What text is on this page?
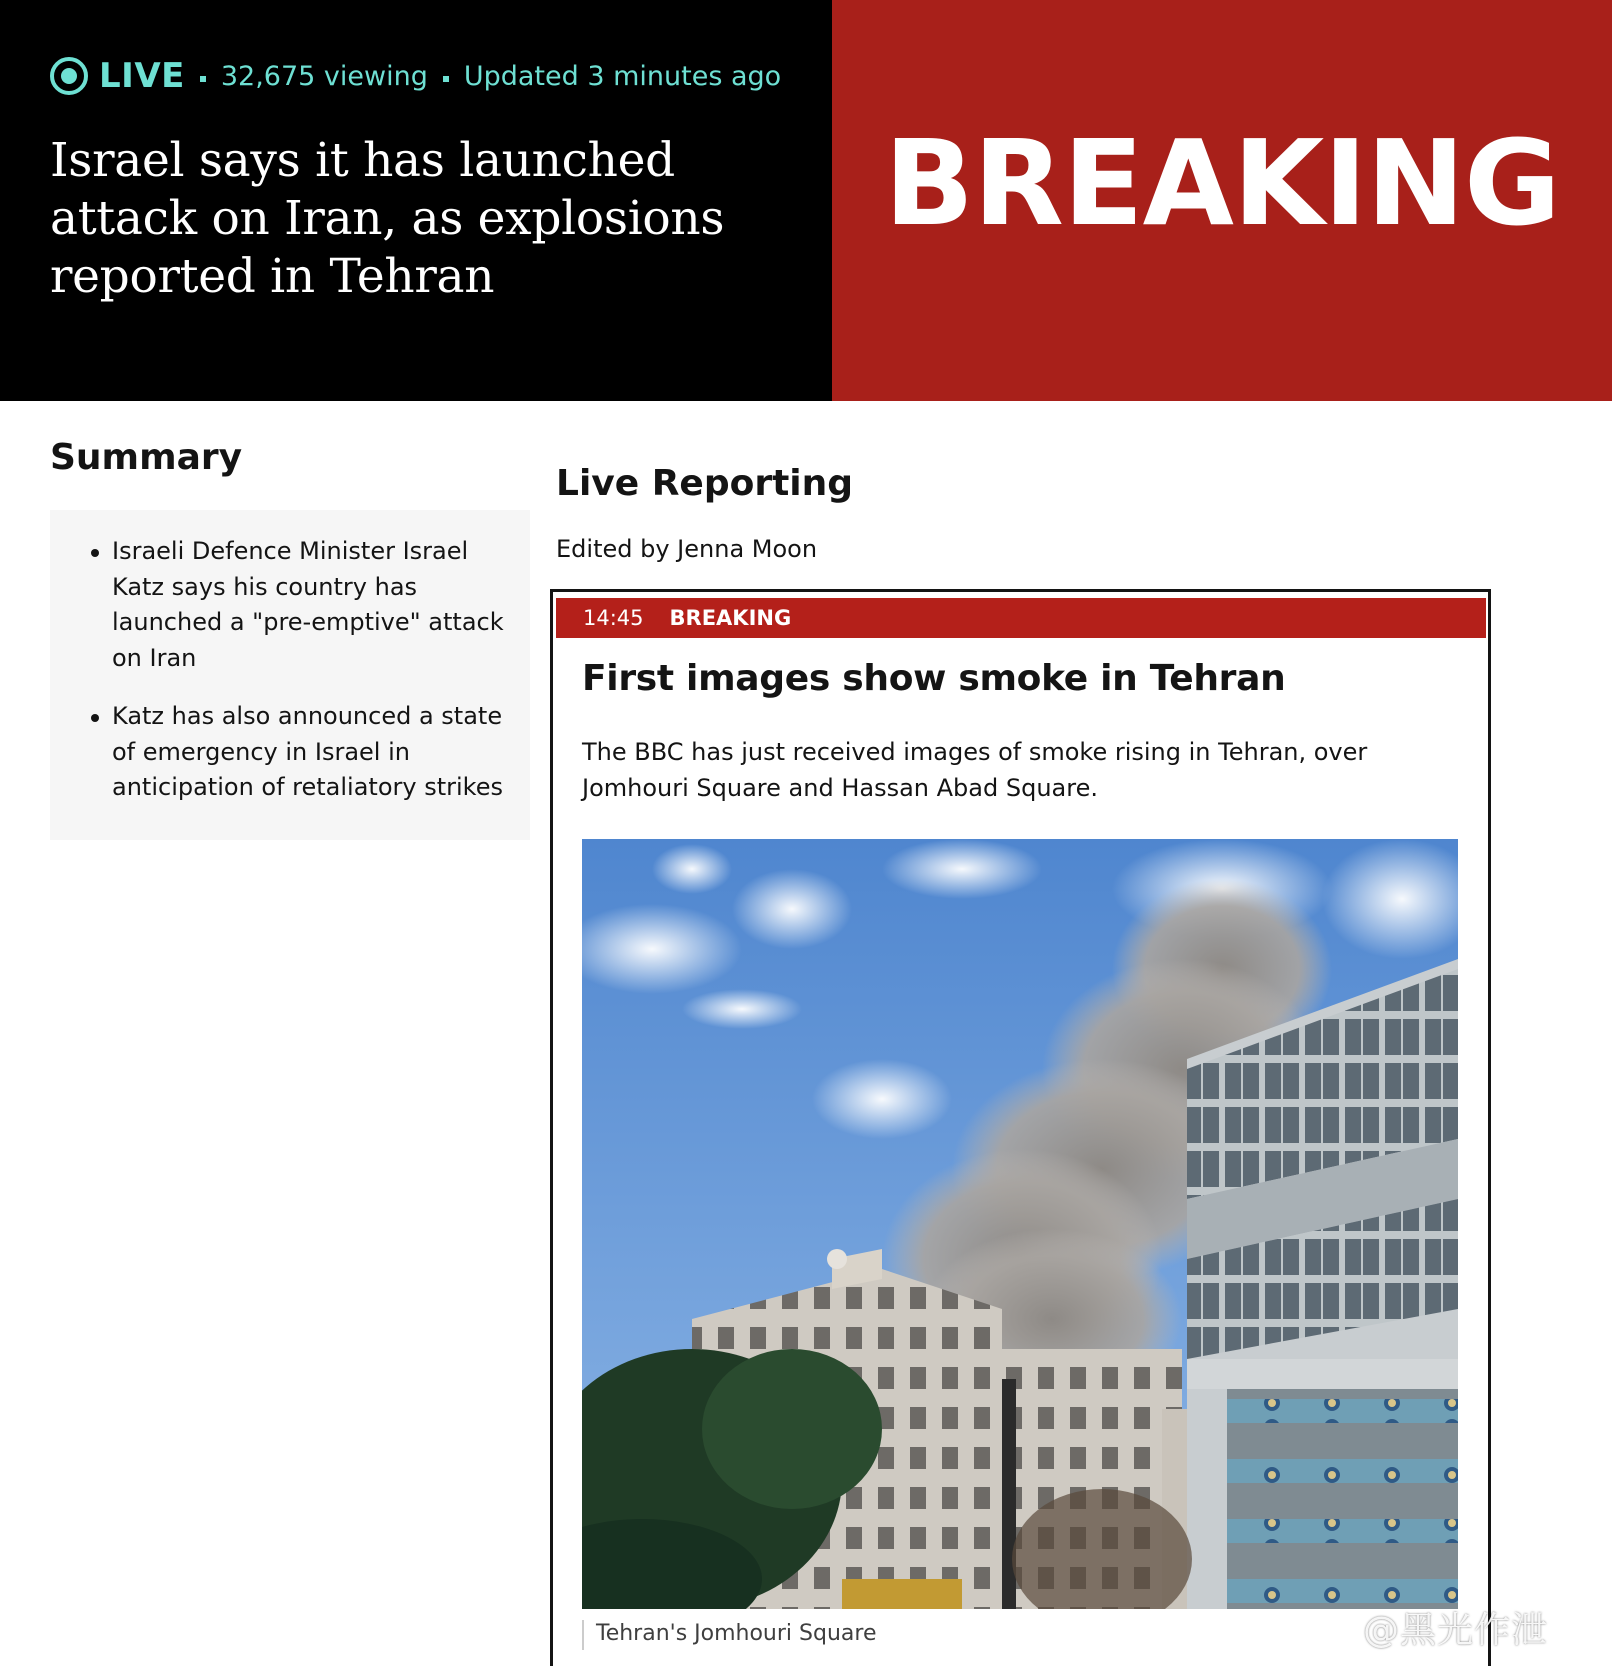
LIVE 32,675 viewing Updated 3 minutes ago
Israel says it has launched attack on Iran, as explosions reported in Tehran
BREAKING
Summary
Israeli Defence Minister Israel Katz says his country has launched a "pre-emptive" attack on Iran
Katz has also announced a state of emergency in Israel in anticipation of retaliatory strikes
Live Reporting
Edited by Jenna Moon
14:45 BREAKING
First images show smoke in Tehran

The BBC has just received images of smoke rising in Tehran, over Jomhouri Square and Hassan Abad Square.

Tehran's Jomhouri Square	@黑光作泄
